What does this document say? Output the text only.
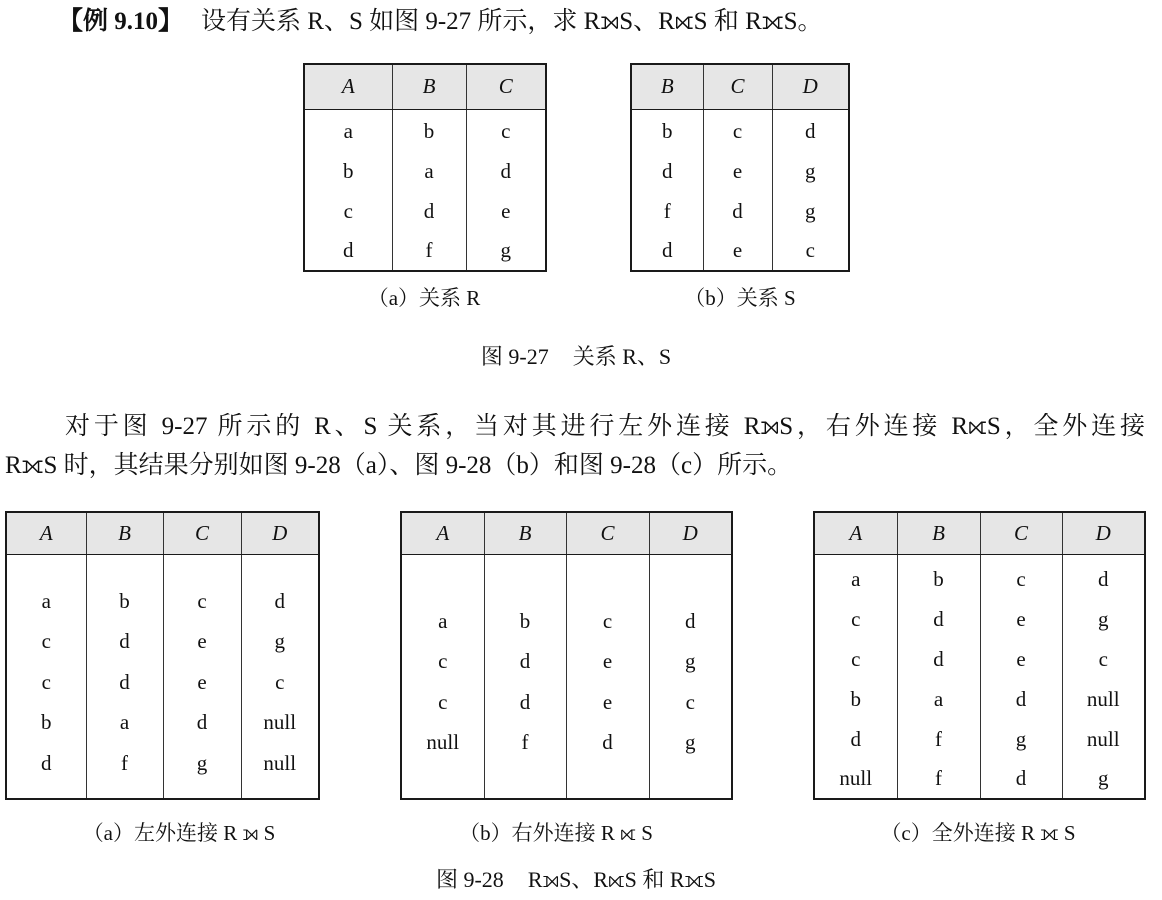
【例 9.10】 设有关系 R、S 如图 9-27 所示，求 R⟕S、R⟖S 和 R⟗S。
A	B	C

a	b	c
b	a	d
c	d	e
d	f	g
B	C	D

b	c	d
d	e	g
f	d	g
d	e	c
（a）关系 R	（b）关系 S
图 9-27 关系 R、S
对于图 9-27 所示的 R、S 关系，当对其进行左外连接 R⟕S，右外连接 R⟖S，全外连接
R⟗S 时，其结果分别如图 9-28（a）、图 9-28（b）和图 9-28（c）所示。
A	B	C	D

a	b	c	d
c	d	e	g
c	d	e	c
b	a	d	null
d	f	g	null

A	B	C	D

a	b	c	d
c	d	e	g
c	d	e	c
null	f	d	g

A	B	C	D

a	b	c	d
c	d	e	g
c	d	e	c
b	a	d	null
d	f	g	null
null	f	d	g
（a）左外连接 R ⟕ S	（b）右外连接 R ⟖ S	（c）全外连接 R ⟗ S
图 9-28 R⟕S、R⟖S 和 R⟗S
